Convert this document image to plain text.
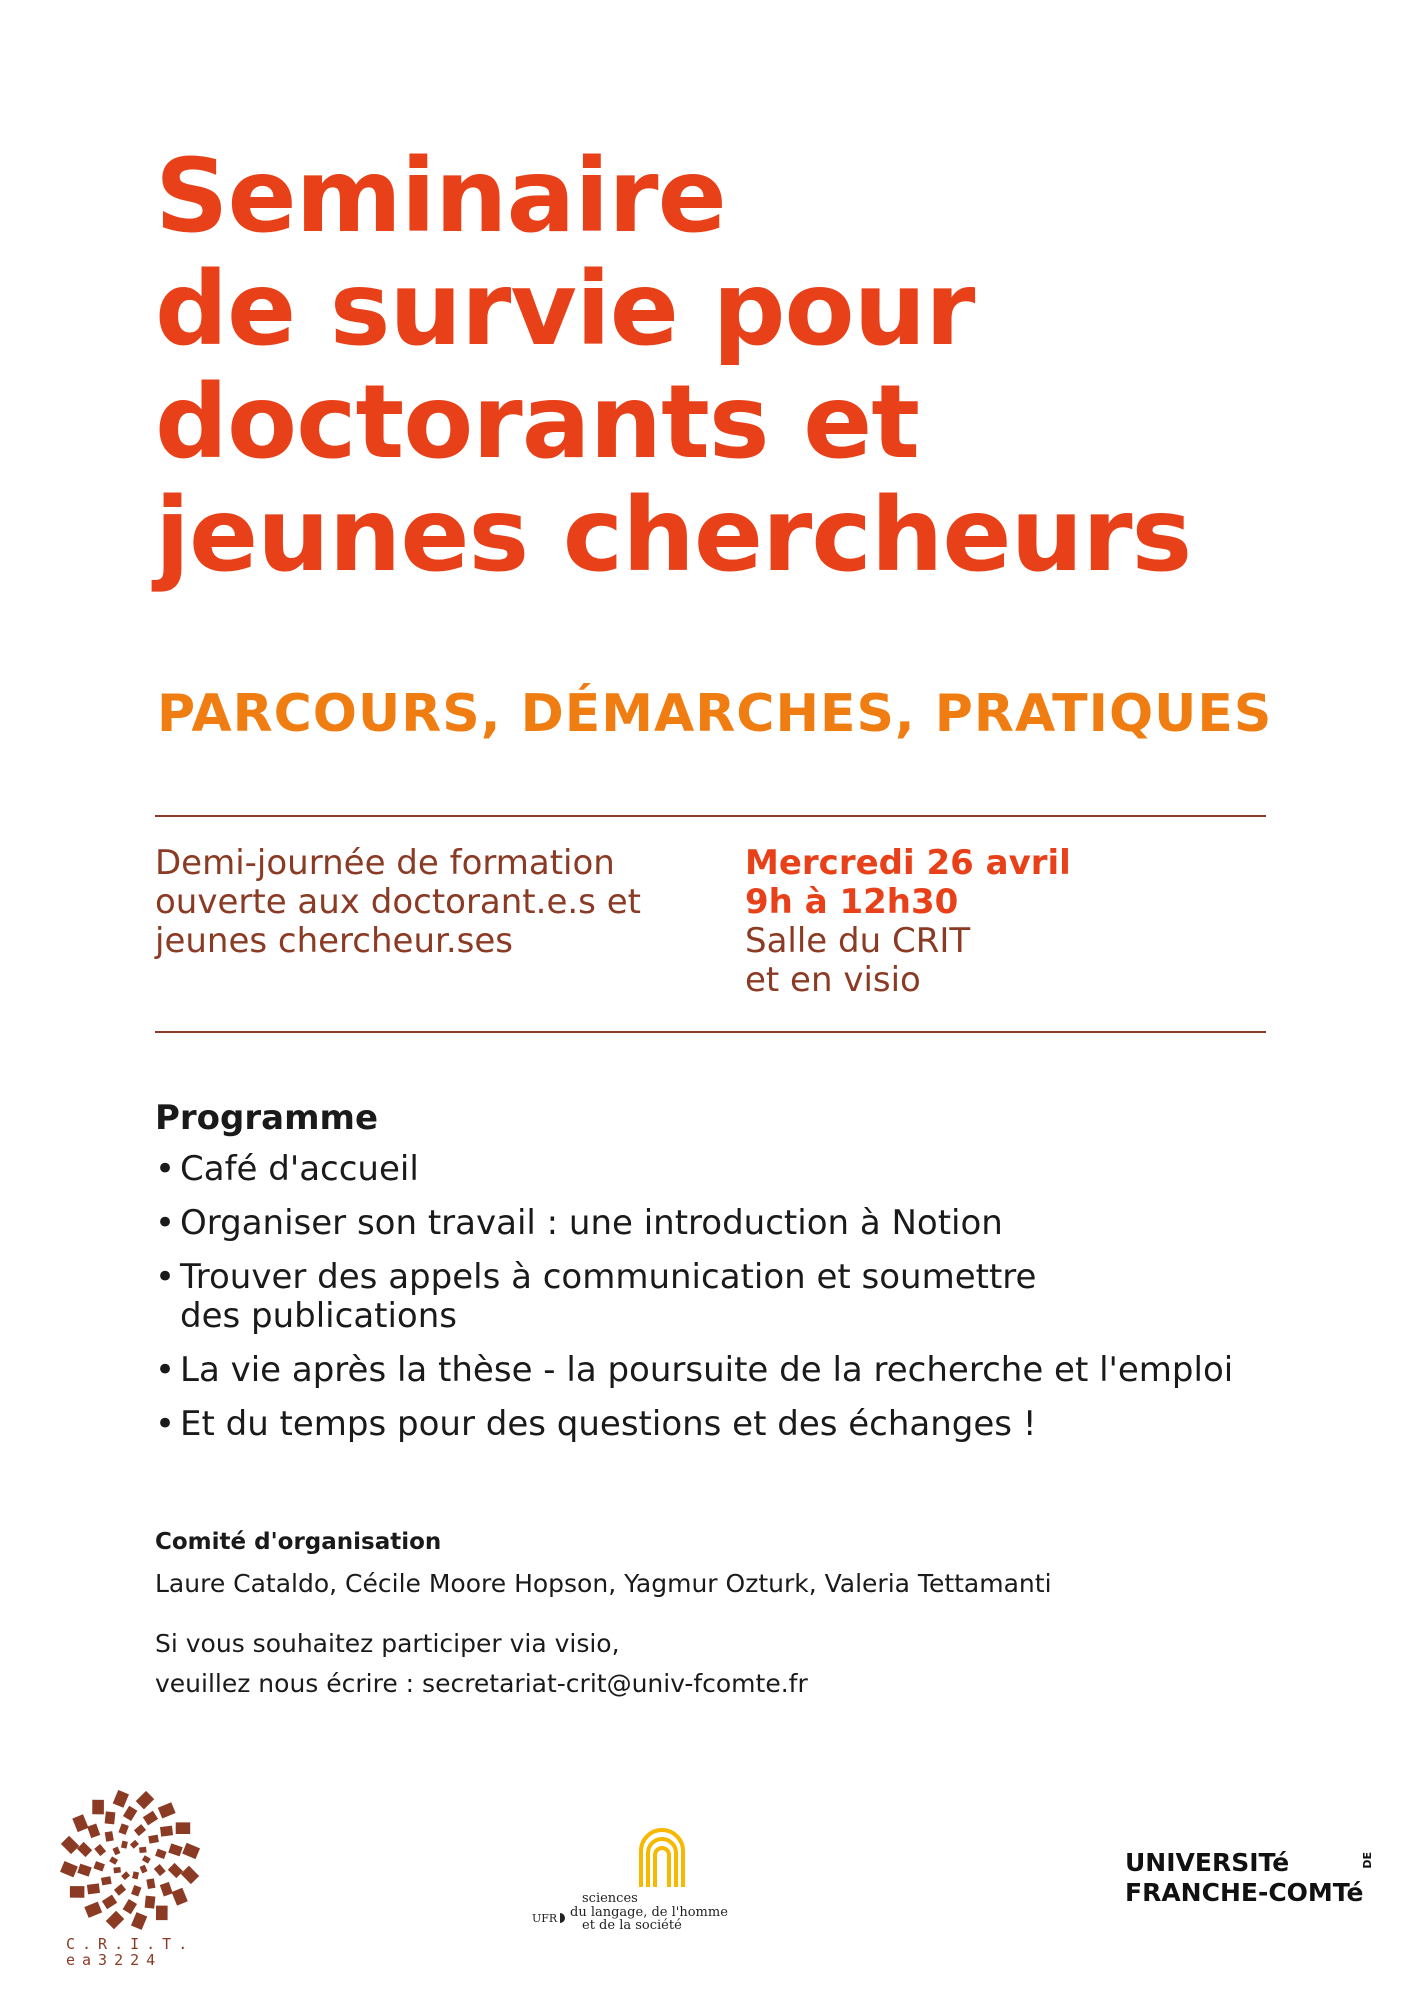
Seminaire
de survie pour
doctorants et
jeunes chercheurs
PARCOURS, DÉMARCHES, PRATIQUES
Demi-journée de formation
ouverte aux doctorant.e.s et
jeunes chercheur.ses
Mercredi 26 avril
9h à 12h30
Salle du CRIT
et en visio
Programme
• Café d'accueil
• Organiser son travail : une introduction à Notion
• Trouver des appels à communication et soumettre
des publications
• La vie après la thèse - la poursuite de la recherche et l'emploi
• Et du temps pour des questions et des échanges !
Comité d'organisation
Laure Cataldo, Cécile Moore Hopson, Yagmur Ozturk, Valeria Tettamanti
Si vous souhaitez participer via visio,
veuillez nous écrire : secretariat-crit@univ-fcomte.fr
C.R.I.T.
ea3224
UFR
sciences
du langage, de l'homme
et de la société
UNIVERSITé
FRANCHE-COMTé
DE
